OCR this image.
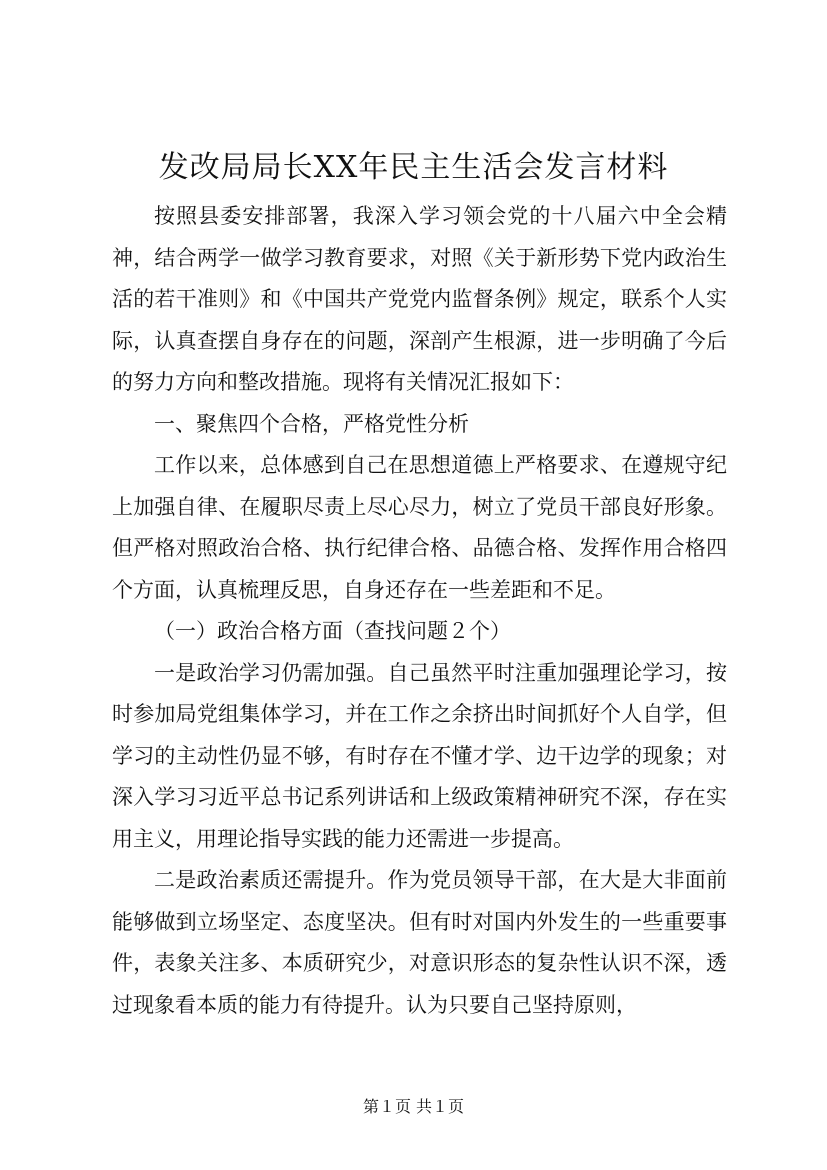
发改局局长XX年民主生活会发言材料

按照县委安排部署，我深入学习领会党的十八届六中全会精神，结合两学一做学习教育要求，对照《关于新形势下党内政治生活的若干准则》和《中国共产党党内监督条例》规定，联系个人实际，认真查摆自身存在的问题，深剖产生根源，进一步明确了今后的努力方向和整改措施。现将有关情况汇报如下：

一、聚焦四个合格，严格党性分析

工作以来，总体感到自己在思想道德上严格要求、在遵规守纪上加强自律、在履职尽责上尽心尽力，树立了党员干部良好形象。但严格对照政治合格、执行纪律合格、品德合格、发挥作用合格四个方面，认真梳理反思，自身还存在一些差距和不足。

（一）政治合格方面（查找问题２个）

一是政治学习仍需加强。自己虽然平时注重加强理论学习，按时参加局党组集体学习，并在工作之余挤出时间抓好个人自学，但学习的主动性仍显不够，有时存在不懂才学、边干边学的现象；对深入学习习近平总书记系列讲话和上级政策精神研究不深，存在实用主义，用理论指导实践的能力还需进一步提高。

二是政治素质还需提升。作为党员领导干部，在大是大非面前能够做到立场坚定、态度坚决。但有时对国内外发生的一些重要事件，表象关注多、本质研究少，对意识形态的复杂性认识不深，透过现象看本质的能力有待提升。认为只要自己坚持原则，

第１页 共１页
